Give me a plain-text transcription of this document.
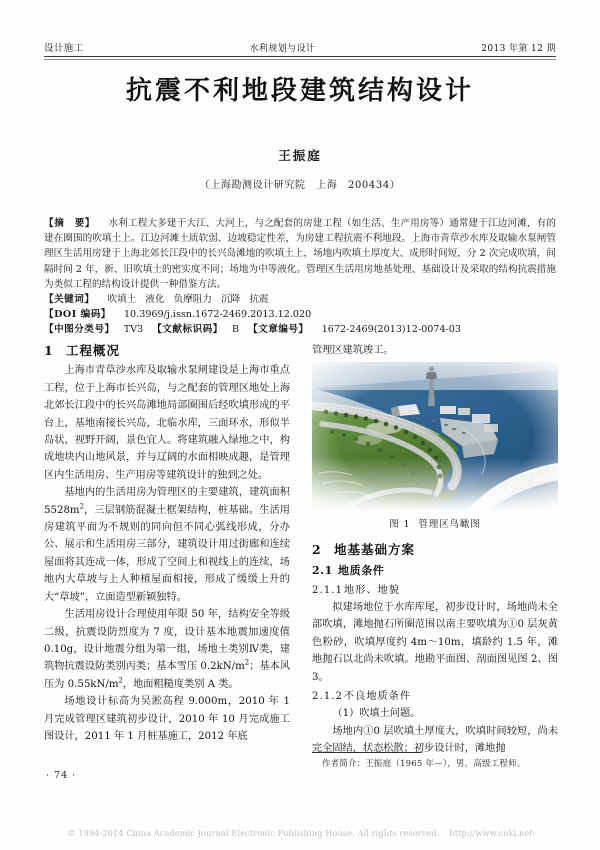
设计施工	水利规划与设计	2013 年第 12 期
抗震不利地段建筑结构设计
王振庭
（上海勘测设计研究院　上海　200434）

【摘　要】 水利工程大多建于大江、大河上，与之配套的房建工程（如生活、生产用房等）通常建于江边河滩，有的建在圈围的吹填土上。江边河滩土质软弱、边坡稳定性差，为房建工程抗震不利地段。上海市青草沙水库及取输水泵闸管理区生活用房建于上海北郊长江段中的长兴岛滩地的吹填土上，场地内吹填土厚度大、成形时间短，分 2 次完成吹填，间隔时间 2 年，新、旧吹填土的密实度不同；场地为中等液化。管理区生活用房地基处理、基础设计及采取的结构抗震措施为类似工程的结构设计提供一种借鉴方法。

【关键词】 吹填土 液化 负摩阻力 沉降 抗震

【DOI 编码】 10.3969/j.issn.1672-2469.2013.12.020

【中图分类号】 TV3 【文献标识码】 B 【文章编号】 1672-2469(2013)12-0074-03

1 工程概况

上海市青草沙水库及取输水泵闸建设是上海市重点工程，位于上海市长兴岛，与之配套的管理区地处上海北郊长江段中的长兴岛滩地局部圈围后经吹填形成的平台上，基地南接长兴岛，北临水库，三面环水，形似半岛状，视野开阔，景色宜人。将建筑融入绿地之中，构成地块内山地风景，并与辽阔的水面相映成趣，是管理区内生活用房、生产用房等建筑设计的独到之处。

基地内的生活用房为管理区的主要建筑，建筑面积 $5528m^2$，三层钢筋混凝土框架结构，桩基础。生活用房建筑平面为不规则的同向但不同心弧线形成，分办公、展示和生活用房三部分，建筑设计用过街廊和连续屋面将其连成一体，形成了空间上和视线上的连续，场地内大草坡与上人种植屋面相接，形成了缓缓上升的大“草坡”，立面造型新颖独特。

生活用房设计合理使用年限 50 年，结构安全等级二级，抗震设防烈度为 7 度，设计基本地震加速度值 0.10g，设计地震分组为第一组，场地土类别Ⅳ类，建筑物抗震设防类别丙类；基本雪压 $0.2kN/m^2$；基本风压为 $0.55kN/m^2$，地面粗糙度类别 A 类。

场地设计标高为吴淞高程 9.000m，2010 年 1 月完成管理区建筑初步设计，2010 年 10 月完成施工图设计，2011 年 1 月桩基施工，2012 年底

管理区建筑竣工。

图 1 管理区鸟瞰图
2 地基基础方案
2.1 地质条件
2.1.1地形、地貌

拟建场地位于水库库尾，初步设计时，场地尚未全部吹填，滩地抛石所圈范围以南主要吹填为①0 层灰黄色粉砂，吹填厚度约 4m～10m，填龄约 1.5 年，滩地抛石以北尚未吹填。地勘平面图、剖面图见图 2、图 3。

2.1.2不良地质条件

（1）吹填土问题。

场地内①0 层吹填土厚度大，吹填时间较短，尚未完全固结，状态松散；初步设计时，滩地抛

· 74 ·
作者简介：王振庭（1965 年—），男，高级工程师。
© 1994-2014 China Academic Journal Electronic Publishing House. All rights reserved. http://www.cnki.net
